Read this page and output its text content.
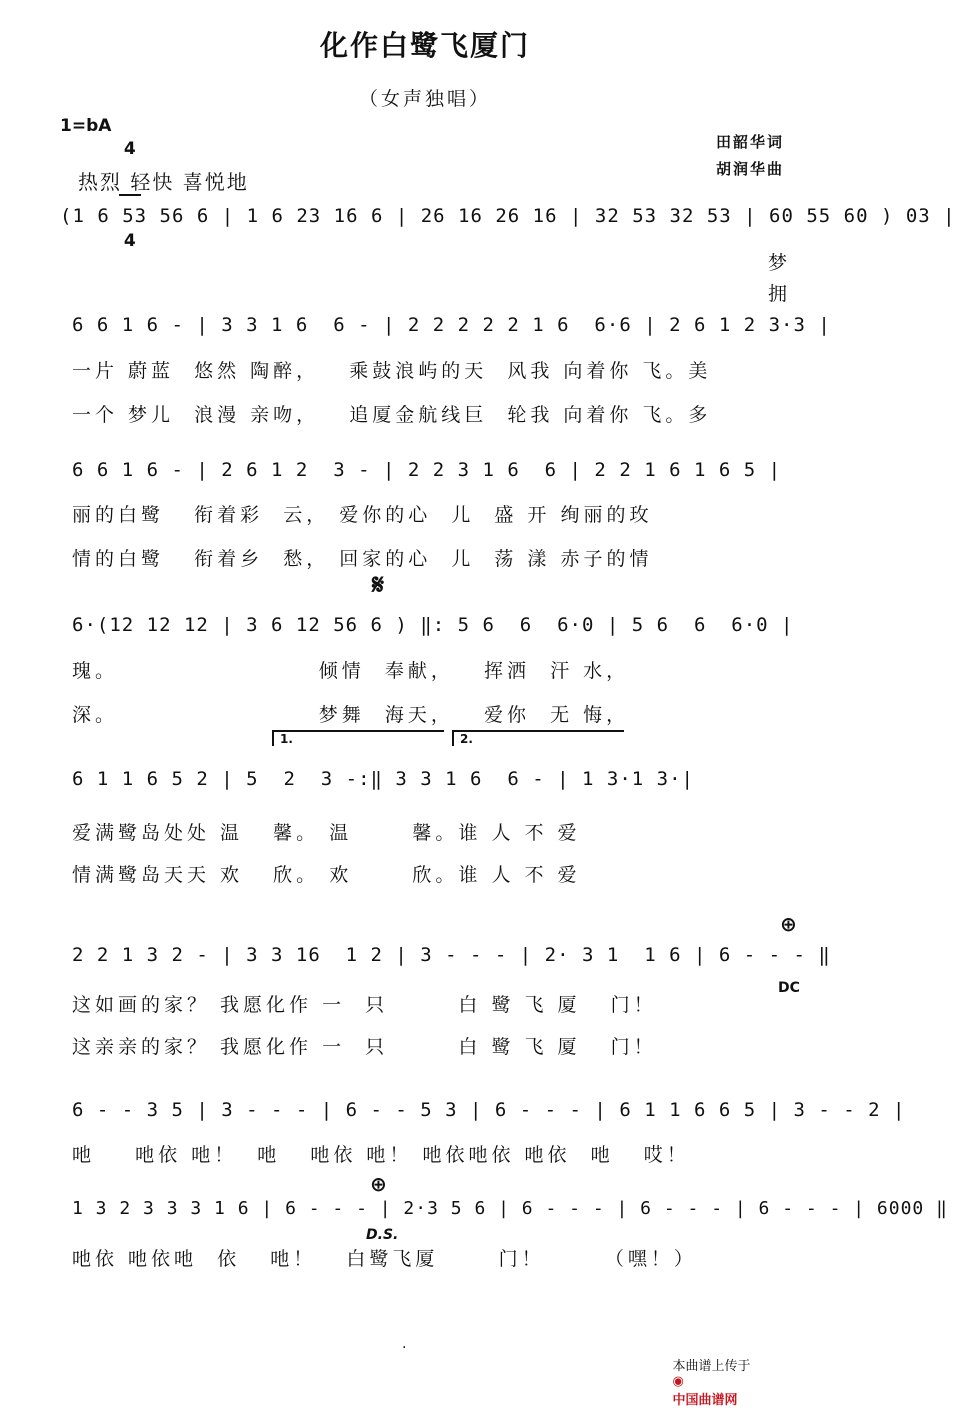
化作白鹭飞厦门
（女声独唱）
1=bA

4

4

田韶华词
胡润华曲
热烈 轻快 喜悦地
(1 6 53 56 6 | 1 6 23 16 6 | 26 16 26 16 | 32 53 32 53 | 60 55 60 ) 03 |
梦
拥
6 6 1 6 - | 3 3 1 6  6 - | 2 2 2 2 2 1 6  6·6 | 2 6 1 2 3·3 |
一片 蔚蓝  悠然 陶醉，   乘鼓浪屿的天  风我 向着你 飞。美
一个 梦儿  浪漫 亲吻，   追厦金航线巨  轮我 向着你 飞。多
6 6 1 6 - | 2 6 1 2  3 - | 2 2 3 1 6  6 | 2 2 1 6 1 6 5 |
丽的白鹭   衔着彩  云， 爱你的心  儿  盛 开 绚丽的玫
情的白鹭   衔着乡  愁， 回家的心  儿  荡 漾 赤子的情
𝄋
6·(12 12 12 | 3 6 12 56 6 ) ‖: 5 6  6  6·0 | 5 6  6  6·0 |
瑰。                    倾情  奉献，   挥洒  汗 水，
深。                    梦舞  海天，   爱你  无 悔，
1.	2.
6 1 1 6 5 2 | 5  2  3 -:‖ 3 3 1 6  6 - | 1 3·1 3·|
爱满鹭岛处处 温   馨。 温      馨。谁 人 不 爱
情满鹭岛天天 欢   欣。 欢      欣。谁 人 不 爱
⊕
2 2 1 3 2 - | 3 3 16  1 2 | 3 - - - | 2· 3 1  1 6 | 6 - - - ‖
DC
这如画的家？ 我愿化作 一  只       白 鹭 飞 厦   门！
这亲亲的家？ 我愿化作 一  只       白 鹭 飞 厦   门！
6 - - 3 5 | 3 - - - | 6 - - 5 3 | 6 - - - | 6 1 1 6 6 5 | 3 - - 2 |
吔    吔依 吔！  吔   吔依 吔！ 吔依吔依 吔依  吔   哎！
⊕
D.S.
1 3 2 3 3 3 1 6 | 6 - - - | 2·3 5 6 | 6 - - - | 6 - - - | 6 - - - | 6000 ‖
吔依 吔依吔  依   吔！   白鹭飞厦      门！      （嘿！）
·

本曲谱上传于
◉
中国曲谱网
